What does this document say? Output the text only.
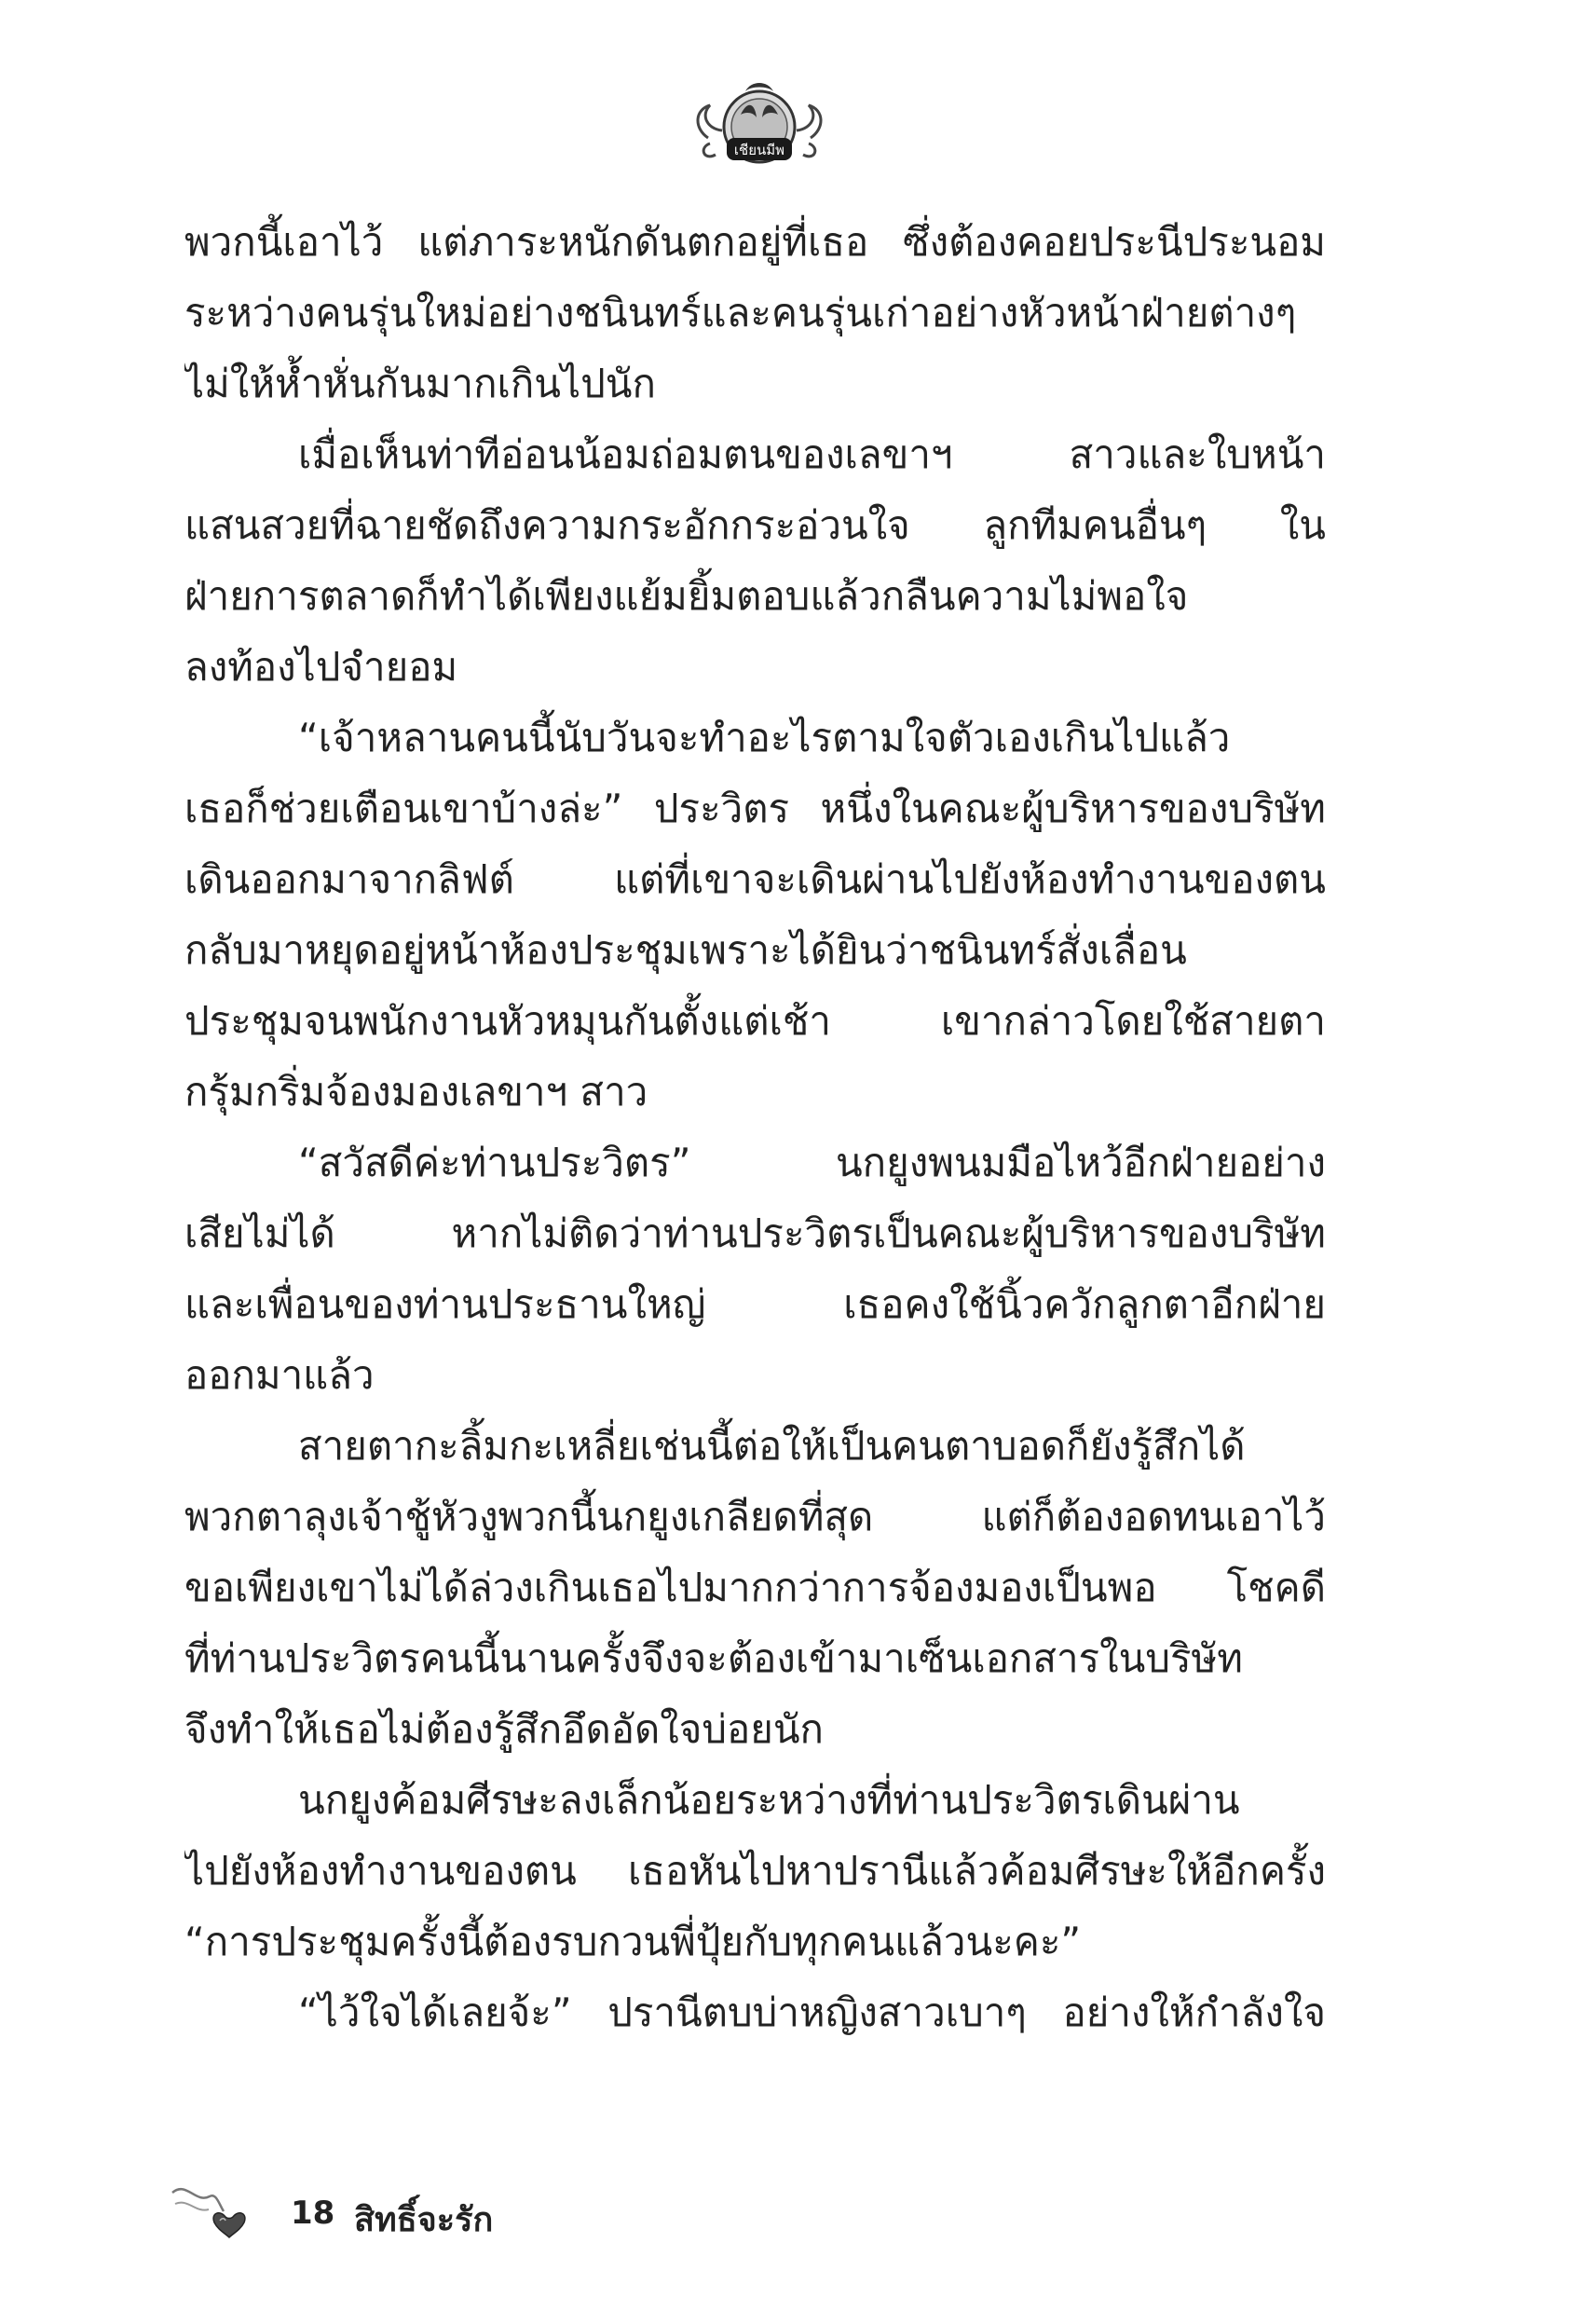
เชียนมีพ
พวกนี้เอาไว้ แต่ภาระหนักดันตกอยู่ที่เธอ ซึ่งต้องคอยประนีประนอม
ระหว่างคนรุ่นใหม่อย่างชนินทร์และคนรุ่นเก่าอย่างหัวหน้าฝ่ายต่างๆ
ไม่ให้ห้ำหั่นกันมากเกินไปนัก
เมื่อเห็นท่าทีอ่อนน้อมถ่อมตนของเลขาฯ สาวและใบหน้า
แสนสวยที่ฉายชัดถึงความกระอักกระอ่วนใจ ลูกทีมคนอื่นๆ ใน
ฝ่ายการตลาดก็ทำได้เพียงแย้มยิ้มตอบแล้วกลืนความไม่พอใจ
ลงท้องไปจำยอม
“เจ้าหลานคนนี้นับวันจะทำอะไรตามใจตัวเองเกินไปแล้ว
เธอก็ช่วยเตือนเขาบ้างล่ะ” ประวิตร หนึ่งในคณะผู้บริหารของบริษัท
เดินออกมาจากลิฟต์ แต่ที่เขาจะเดินผ่านไปยังห้องทำงานของตน
กลับมาหยุดอยู่หน้าห้องประชุมเพราะได้ยินว่าชนินทร์สั่งเลื่อน
ประชุมจนพนักงานหัวหมุนกันตั้งแต่เช้า เขากล่าวโดยใช้สายตา
กรุ้มกริ่มจ้องมองเลขาฯ สาว
“สวัสดีค่ะท่านประวิตร” นกยูงพนมมือไหว้อีกฝ่ายอย่าง
เสียไม่ได้ หากไม่ติดว่าท่านประวิตรเป็นคณะผู้บริหารของบริษัท
และเพื่อนของท่านประธานใหญ่ เธอคงใช้นิ้วควักลูกตาอีกฝ่าย
ออกมาแล้ว
สายตากะลิ้มกะเหลี่ยเช่นนี้ต่อให้เป็นคนตาบอดก็ยังรู้สึกได้
พวกตาลุงเจ้าชู้หัวงูพวกนี้นกยูงเกลียดที่สุด แต่ก็ต้องอดทนเอาไว้
ขอเพียงเขาไม่ได้ล่วงเกินเธอไปมากกว่าการจ้องมองเป็นพอ โชคดี
ที่ท่านประวิตรคนนี้นานครั้งจึงจะต้องเข้ามาเซ็นเอกสารในบริษัท
จึงทำให้เธอไม่ต้องรู้สึกอึดอัดใจบ่อยนัก
นกยูงค้อมศีรษะลงเล็กน้อยระหว่างที่ท่านประวิตรเดินผ่าน
ไปยังห้องทำงานของตน เธอหันไปหาปรานีแล้วค้อมศีรษะให้อีกครั้ง
“การประชุมครั้งนี้ต้องรบกวนพี่ปุ้ยกับทุกคนแล้วนะคะ”
“ไว้ใจได้เลยจ้ะ” ปรานีตบบ่าหญิงสาวเบาๆ อย่างให้กำลังใจ
18 สิทธิ์จะรัก
